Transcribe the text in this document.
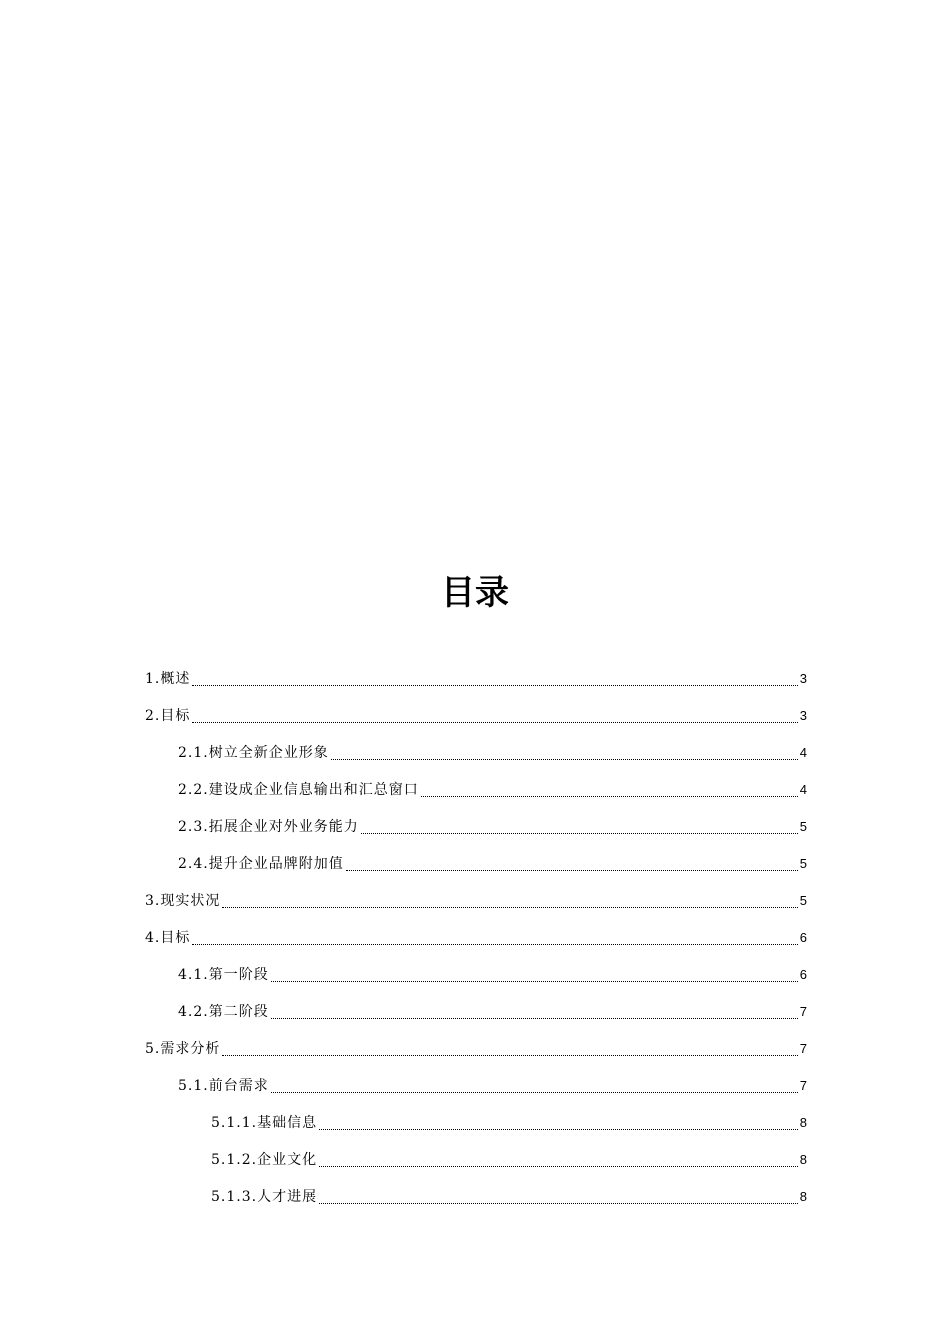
目录
1. 概述	3
2. 目标	3
2.1. 树立全新企业形象	4
2.2. 建设成企业信息输出和汇总窗口	4
2.3. 拓展企业对外业务能力	5
2.4. 提升企业品牌附加值	5
3. 现实状况	5
4. 目标	6
4.1. 第一阶段	6
4.2. 第二阶段	7
5. 需求分析	7
5.1. 前台需求	7
5.1.1. 基础信息	8
5.1.2. 企业文化	8
5.1.3. 人才进展	8
